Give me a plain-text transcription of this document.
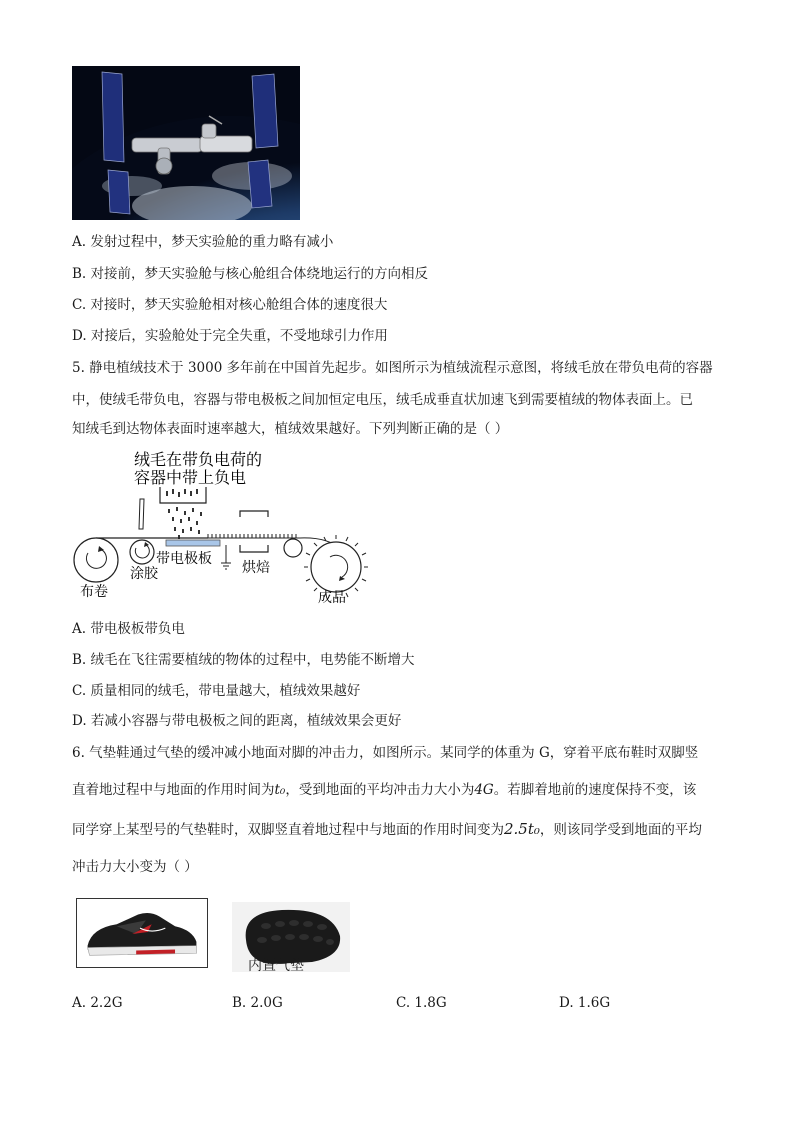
A. 发射过程中，梦天实验舱的重力略有减小
B. 对接前，梦天实验舱与核心舱组合体绕地运行的方向相反
C. 对接时，梦天实验舱相对核心舱组合体的速度很大
D. 对接后，实验舱处于完全失重，不受地球引力作用
5. 静电植绒技术于 3000 多年前在中国首先起步。如图所示为植绒流程示意图，将绒毛放在带负电荷的容器
中，使绒毛带负电，容器与带电极板之间加恒定电压，绒毛成垂直状加速飞到需要植绒的物体表面上。已
知绒毛到达物体表面时速率越大，植绒效果越好。下列判断正确的是（ ）
绒毛在带负电荷的
容器中带上负电
带电极板
烘焙
涂胶
布卷	成品
A. 带电极板带负电
B. 绒毛在飞往需要植绒的物体的过程中，电势能不断增大
C. 质量相同的绒毛，带电量越大，植绒效果越好
D. 若减小容器与带电极板之间的距离，植绒效果会更好
6. 气垫鞋通过气垫的缓冲减小地面对脚的冲击力，如图所示。某同学的体重为 G，穿着平底布鞋时双脚竖
直着地过程中与地面的作用时间为t₀，受到地面的平均冲击力大小为4G。若脚着地前的速度保持不变，该
同学穿上某型号的气垫鞋时，双脚竖直着地过程中与地面的作用时间变为2.5t₀，则该同学受到地面的平均
冲击力大小变为（ ）
内置气垫
A. 2.2G	B. 2.0G	C. 1.8G	D. 1.6G
